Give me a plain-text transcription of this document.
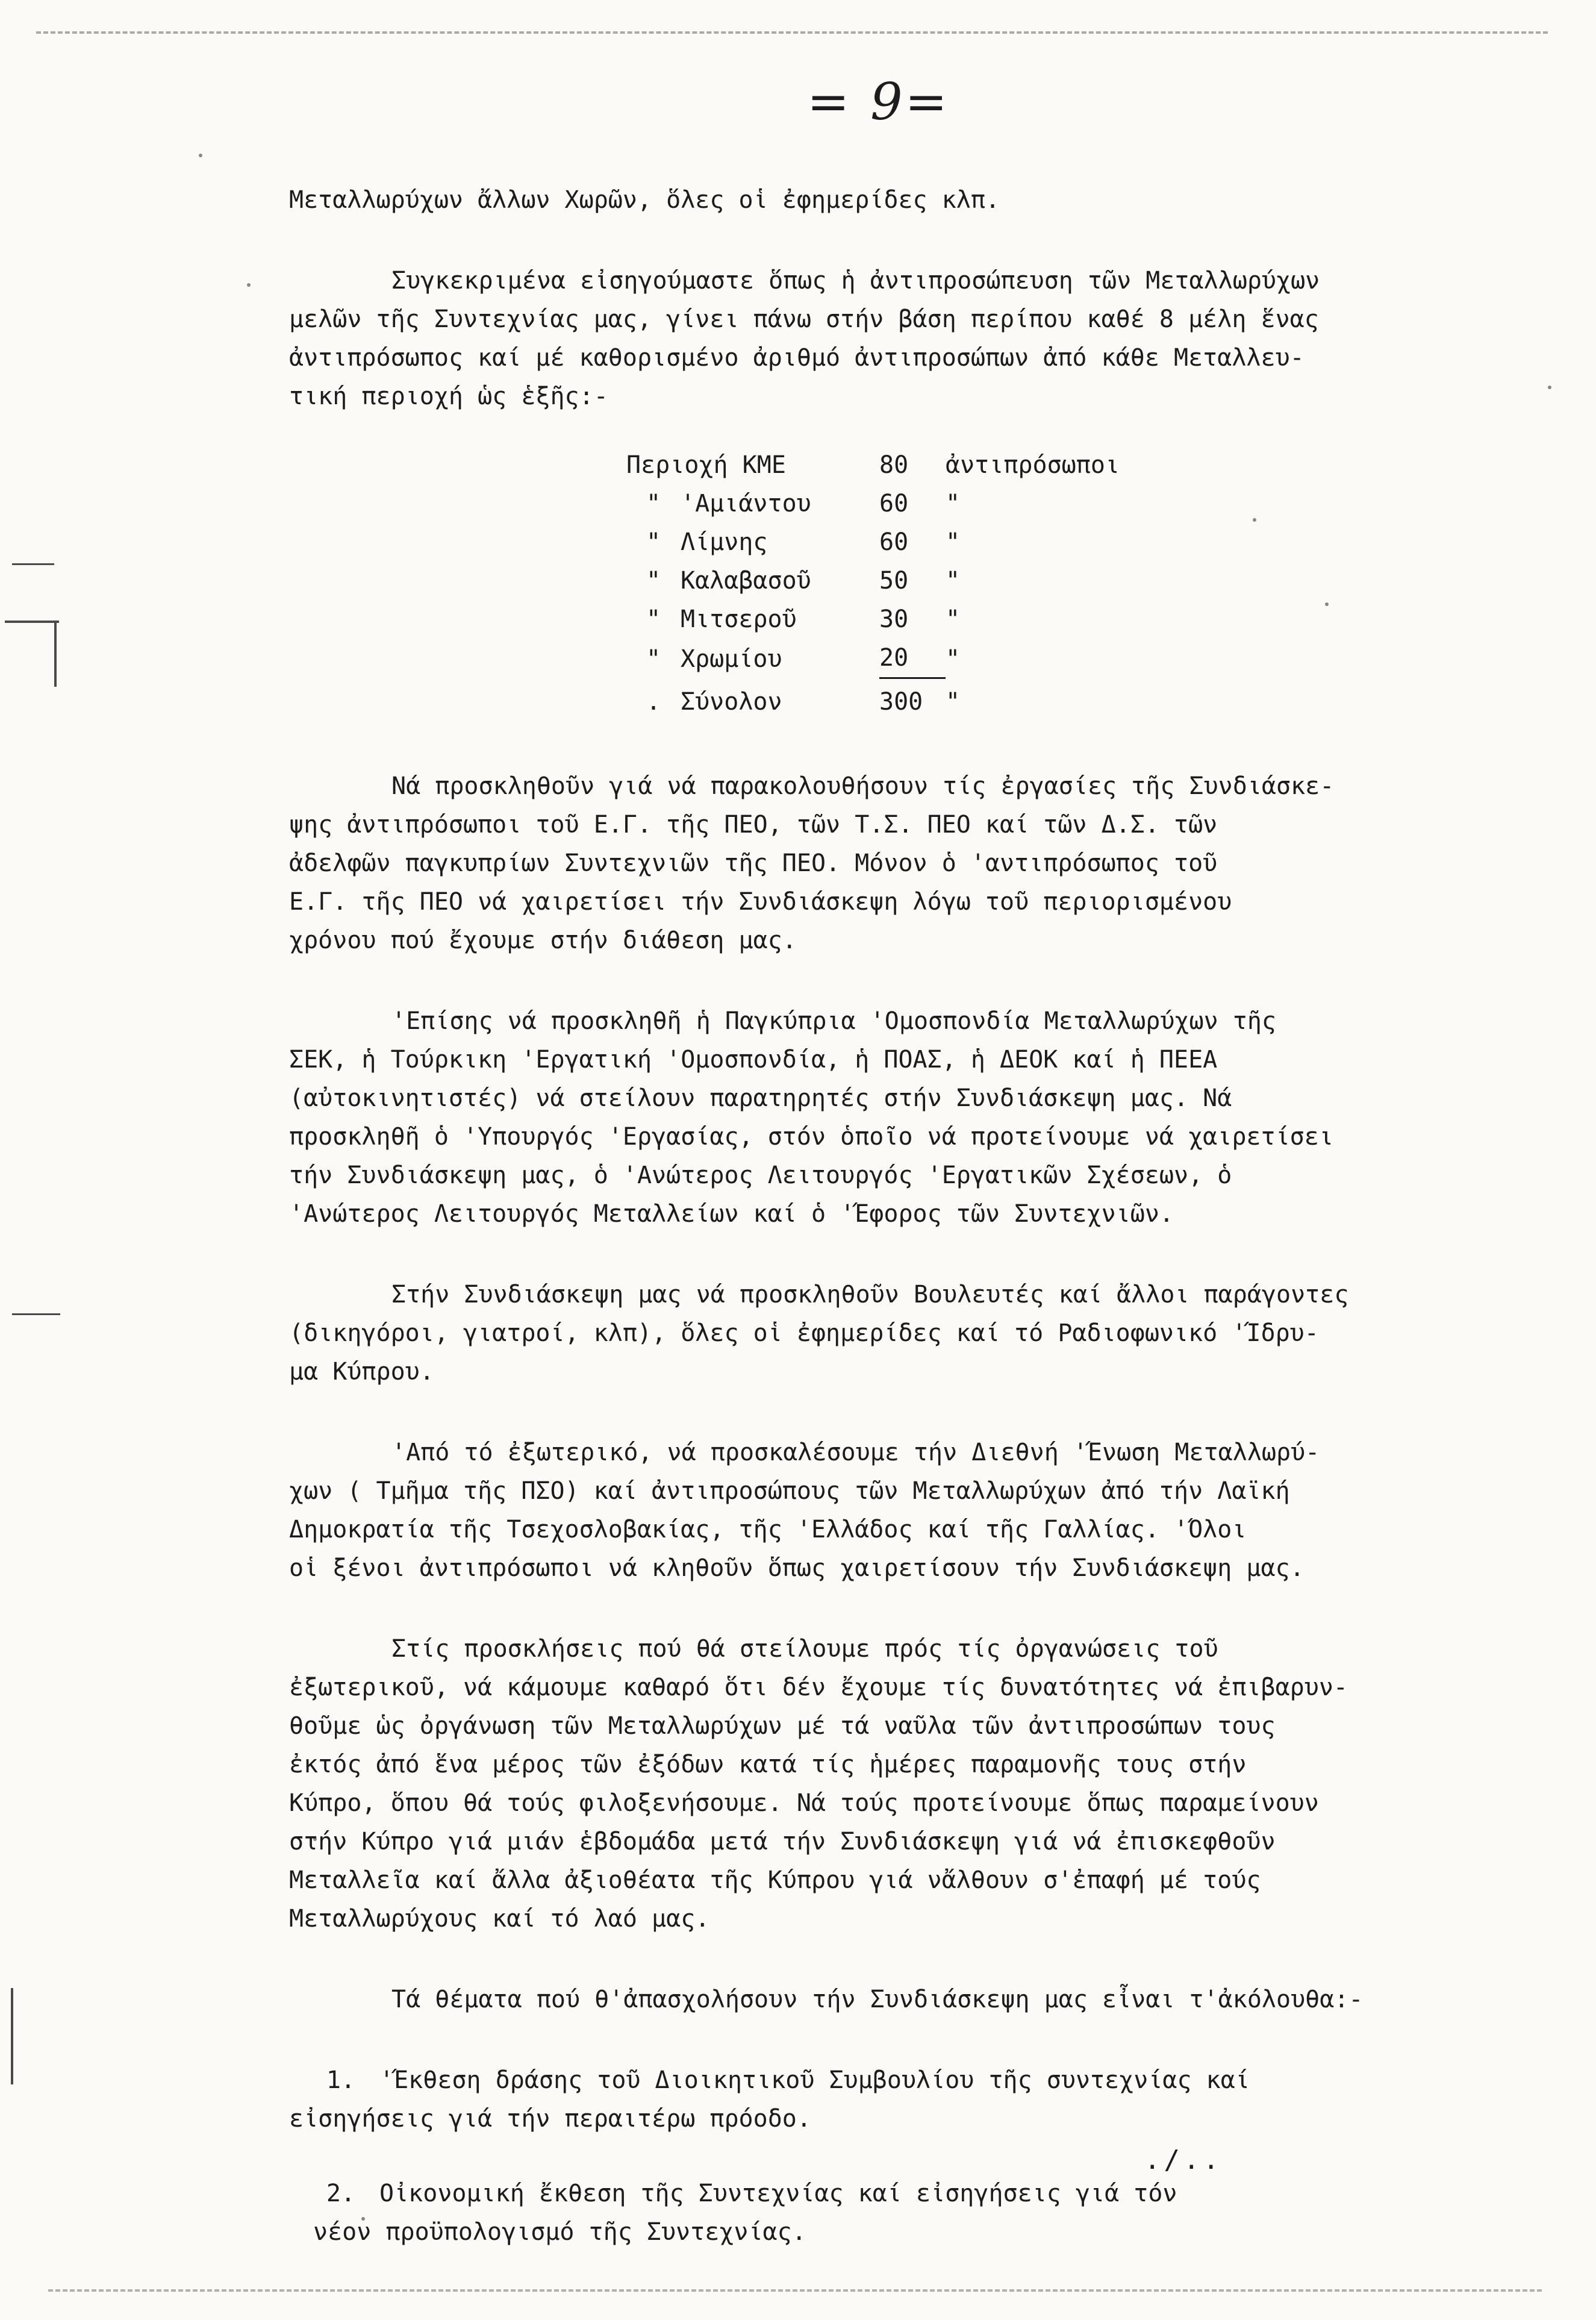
= 9=

Μεταλλωρύχων ἄλλων Χωρῶν, ὅλες οἱ ἐφημερίδες κλπ.

Συγκεκριμένα εἰσηγούμαστε ὅπως ἡ ἀντιπροσώπευση τῶν Μεταλλωρύχων
μελῶν τῆς Συντεχνίας μας, γίνει πάνω στήν βάση περίπου καθέ 8 μέλη ἕνας
ἀντιπρόσωπος καί μέ καθορισμένο ἀριθμό ἀντιπροσώπων ἀπό κάθε Μεταλλευ-
τική περιοχή ὡς ἑξῆς:-

Περιοχή ΚΜΕ		80	ἀντιπρόσωποι
"	'Αμιάντου	60	"
"	Λίμνης	60	"
"	Καλαβασοῦ	50	"
"	Μιτσεροῦ	30	"
"	Χρωμίου	20	"
.	Σύνολον	300	"

Νά προσκληθοῦν γιά νά παρακολουθήσουν τίς ἐργασίες τῆς Συνδιάσκε-
ψης ἀντιπρόσωποι τοῦ Ε.Γ. τῆς ΠΕΟ, τῶν Τ.Σ. ΠΕΟ καί τῶν Δ.Σ. τῶν
ἀδελφῶν παγκυπρίων Συντεχνιῶν τῆς ΠΕΟ. Μόνον ὁ 'αντιπρόσωπος τοῦ
Ε.Γ. τῆς ΠΕΟ νά χαιρετίσει τήν Συνδιάσκεψη λόγω τοῦ περιορισμένου
χρόνου πού ἔχουμε στήν διάθεση μας.

'Επίσης νά προσκληθῆ ἡ Παγκύπρια 'Ομοσπονδία Μεταλλωρύχων τῆς
ΣΕΚ, ἡ Τούρκικη 'Εργατική 'Ομοσπονδία, ἡ ΠΟΑΣ, ἡ ΔΕΟΚ καί ἡ ΠΕΕΑ
(αὐτοκινητιστές) νά στείλουν παρατηρητές στήν Συνδιάσκεψη μας. Νά
προσκληθῆ ὁ 'Υπουργός 'Εργασίας, στόν ὁποῖο νά προτείνουμε νά χαιρετίσει
τήν Συνδιάσκεψη μας, ὁ 'Ανώτερος Λειτουργός 'Εργατικῶν Σχέσεων, ὁ
'Ανώτερος Λειτουργός Μεταλλείων καί ὁ 'Έφορος τῶν Συντεχνιῶν.

Στήν Συνδιάσκεψη μας νά προσκληθοῦν Βουλευτές καί ἄλλοι παράγοντες
(δικηγόροι, γιατροί, κλπ), ὅλες οἱ ἐφημερίδες καί τό Ραδιοφωνικό 'Ίδρυ-
μα Κύπρου.

'Από τό ἐξωτερικό, νά προσκαλέσουμε τήν Διεθνή 'Ένωση Μεταλλωρύ-
χων ( Τμῆμα τῆς ΠΣΟ) καί ἀντιπροσώπους τῶν Μεταλλωρύχων ἀπό τήν Λαϊκή
Δημοκρατία τῆς Τσεχοσλοβακίας, τῆς 'Ελλάδος καί τῆς Γαλλίας. 'Όλοι
οἱ ξένοι ἀντιπρόσωποι νά κληθοῦν ὅπως χαιρετίσουν τήν Συνδιάσκεψη μας.

Στίς προσκλήσεις πού θά στείλουμε πρός τίς ὀργανώσεις τοῦ
ἐξωτερικοῦ, νά κάμουμε καθαρό ὅτι δέν ἔχουμε τίς δυνατότητες νά ἐπιβαρυν-
θοῦμε ὡς ὀργάνωση τῶν Μεταλλωρύχων μέ τά ναῦλα τῶν ἀντιπροσώπων τους
ἐκτός ἀπό ἕνα μέρος τῶν ἐξόδων κατά τίς ἡμέρες παραμονῆς τους στήν
Κύπρο, ὅπου θά τούς φιλοξενήσουμε. Νά τούς προτείνουμε ὅπως παραμείνουν
στήν Κύπρο γιά μιάν ἑβδομάδα μετά τήν Συνδιάσκεψη γιά νά ἐπισκεφθοῦν
Μεταλλεῖα καί ἄλλα ἀξιοθέατα τῆς Κύπρου γιά νἄλθουν σ'ἐπαφή μέ τούς
Μεταλλωρύχους καί τό λαό μας.

Τά θέματα πού θ'ἀπασχολήσουν τήν Συνδιάσκεψη μας εἶναι τ'ἀκόλουθα:-

1. 'Έκθεση δράσης τοῦ Διοικητικοῦ Συμβουλίου τῆς συντεχνίας καί
εἰσηγήσεις γιά τήν περαιτέρω πρόοδο.
2. Οἰκονομική ἔκθεση τῆς Συντεχνίας καί εἰσηγήσεις γιά τόν
νέον προϋπολογισμό τῆς Συντεχνίας.
./..
